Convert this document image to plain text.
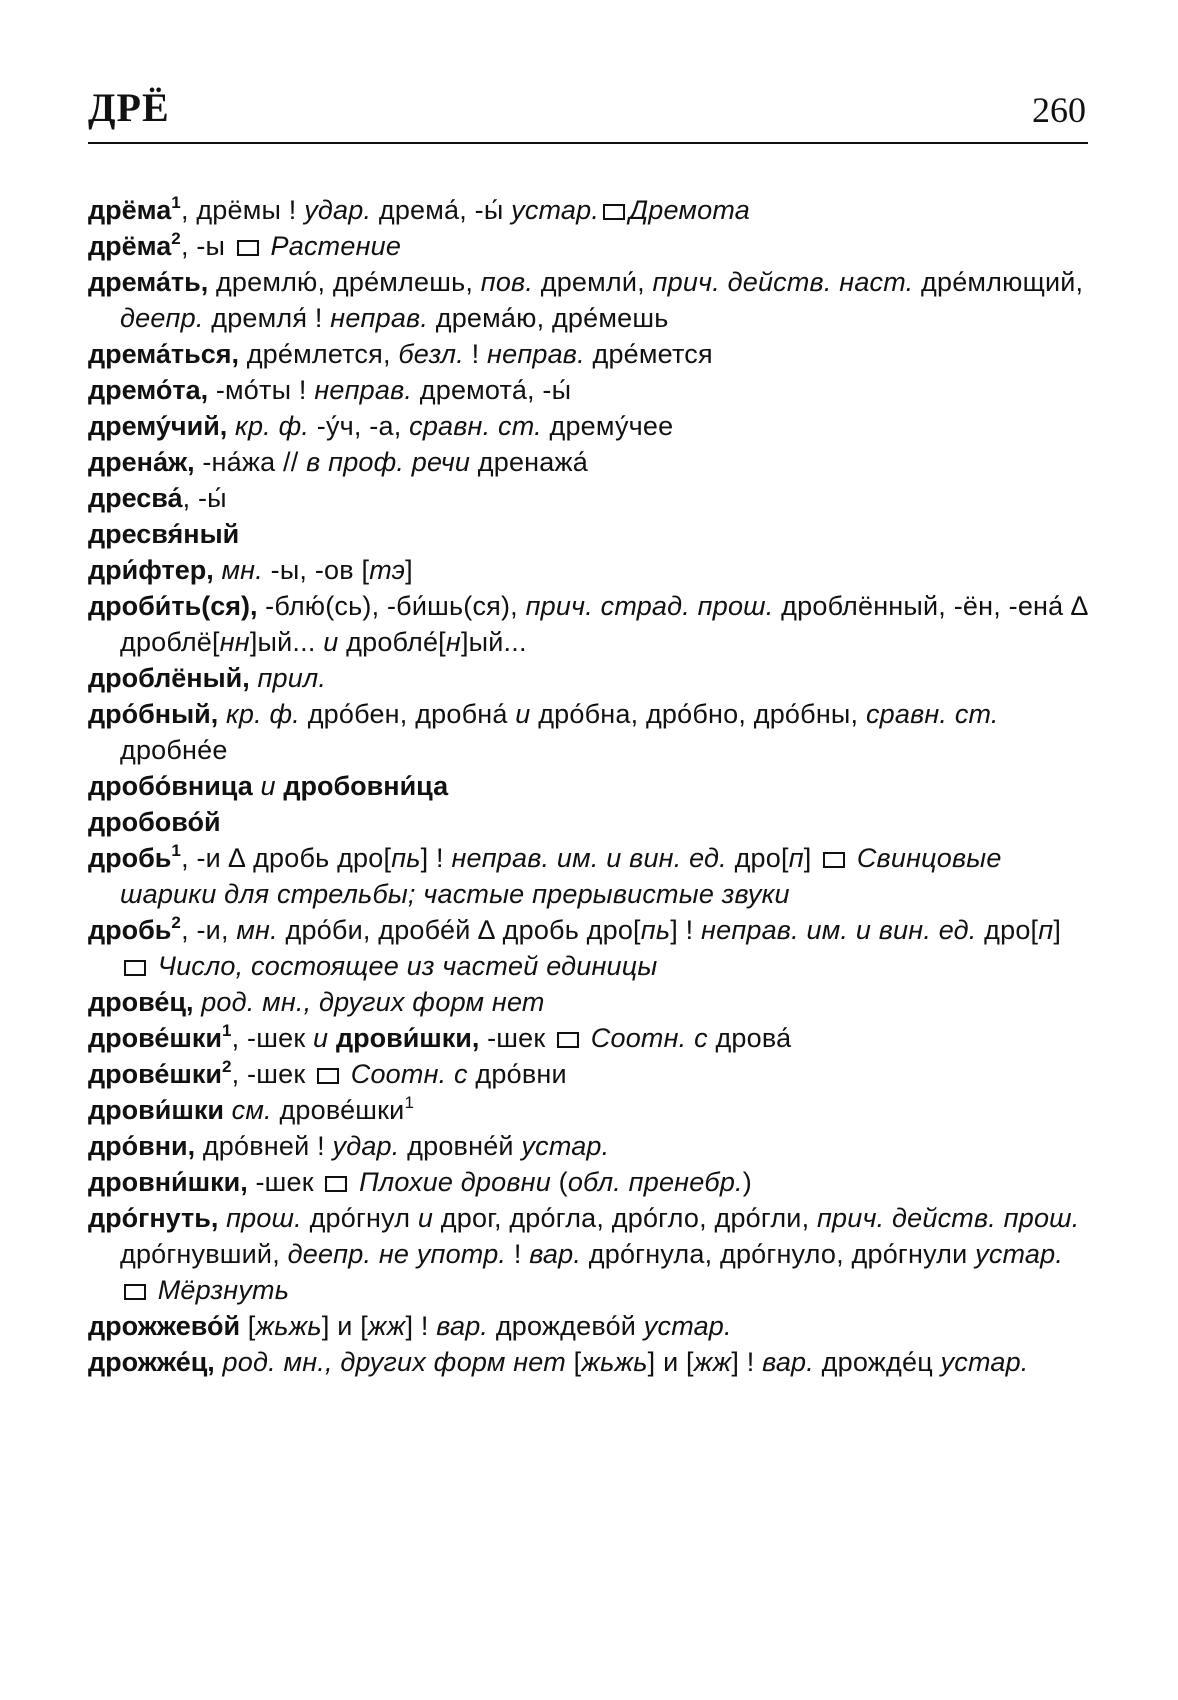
ДРЁ	260

дрёма$^1$, дрёмы ! удар. дрема́, -ы́ устар. Дремота

дрёма$^2$, -ы  Растение

дрема́ть, дремлю́, дре́млешь, пов. дремли́, прич. действ. наст. дре́млющий, деепр. дремля́ ! неправ. дрема́ю, дре́мешь

дрема́ться, дре́млется, безл. ! неправ. дре́мется

дремо́та, -мо́ты ! неправ. дремота́, -ы́

дрему́чий, кр. ф. -у́ч, -а, сравн. ст. дрему́чее

дрена́ж, -на́жа // в проф. речи дренажа́

дресва́, -ы́

дресвя́ный

дри́фтер, мн. -ы, -ов [тэ]

дроби́ть(ся), -блю́(сь), -би́шь(ся), прич. страд. прош. дроблённый, -ён, -ена́ ∆ дроблё[нн]ый... и дробле́[н]ый...

дроблёный, прил.

дро́бный, кр. ф. дро́бен, дробна́ и дро́бна, дро́бно, дро́бны, сравн. ст. дробне́е

дробо́вница и дробовни́ца

дробово́й

дробь$^1$, -и ∆ дробь дро[пь] ! неправ. им. и вин. ед. дро[п]  Свинцовые шарики для стрельбы; частые прерывистые звуки

дробь$^2$, -и, мн. дро́би, дробе́й ∆ дробь дро[пь] ! неправ. им. и вин. ед. дро[п]  Число, состоящее из частей единицы

дрове́ц, род. мн., других форм нет

дрове́шки$^1$, -шек и дрови́шки, -шек  Соотн. с дрова́

дрове́шки$^2$, -шек  Соотн. с дро́вни

дрови́шки см. дрове́шки$^1$

дро́вни, дро́вней ! удар. дровне́й устар.

дровни́шки, -шек  Плохие дровни (обл. пренебр.)

дро́гнуть, прош. дро́гнул и дрог, дро́гла, дро́гло, дро́гли, прич. действ. прош. дро́гнувший, деепр. не употр. ! вар. дро́гнула, дро́гнуло, дро́гнули устар. Мёрзнуть

дрожжево́й [жьжь] и [жж] ! вар. дрождево́й устар.

дрожже́ц, род. мн., других форм нет [жьжь] и [жж] ! вар. дрожде́ц устар.
